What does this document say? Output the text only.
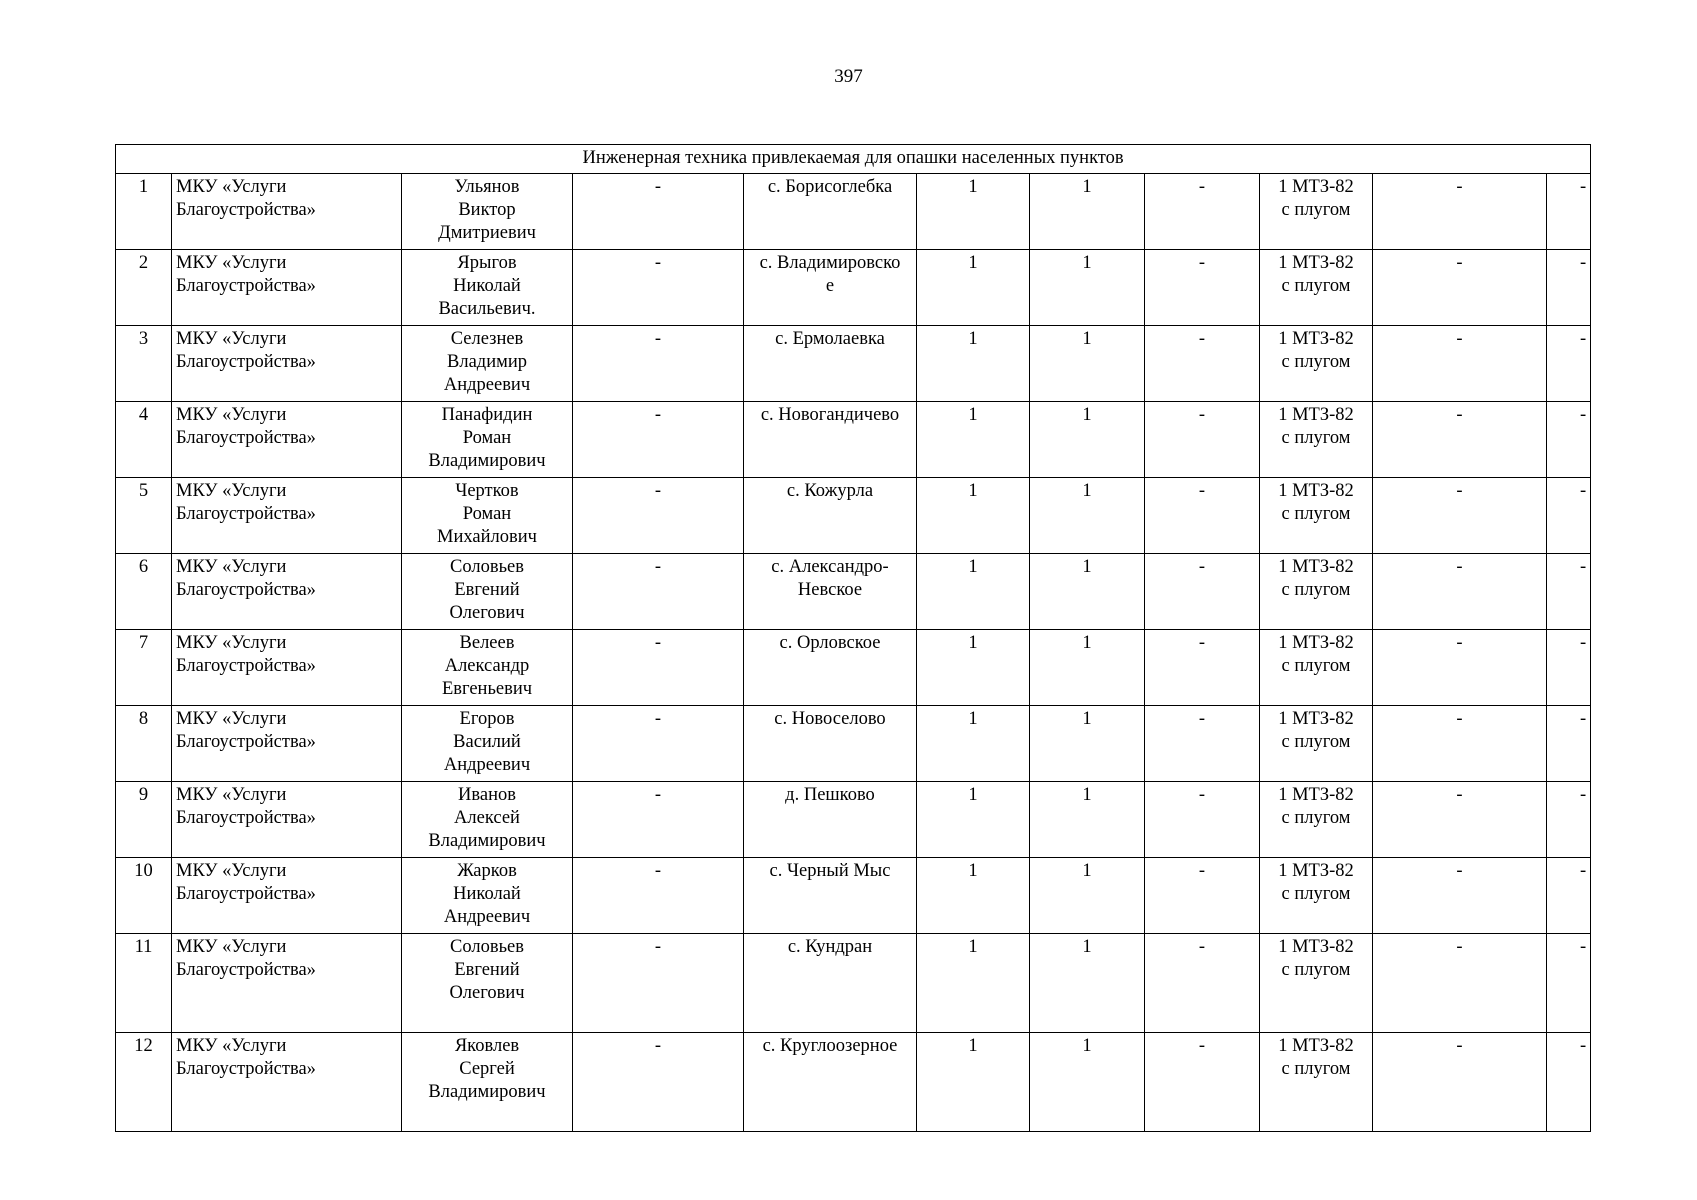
397
Инженерная техника привлекаемая для опашки населенных пунктов										

1	МКУ «Услуги
Благоустройства»	Ульянов
Виктор
Дмитриевич	-	с. Борисоглебка	1	1	-	1 МТЗ-82
с плугом	-	-

2	МКУ «Услуги
Благоустройства»	Ярыгов
Николай
Васильевич.	-	с. Владимировско
е	1	1	-	1 МТЗ-82
с плугом	-	-

3	МКУ «Услуги
Благоустройства»	Селезнев
Владимир
Андреевич	-	с. Ермолаевка	1	1	-	1 МТЗ-82
с плугом	-	-

4	МКУ «Услуги
Благоустройства»	Панафидин
Роман
Владимирович	-	с. Новогандичево	1	1	-	1 МТЗ-82
с плугом	-	-

5	МКУ «Услуги
Благоустройства»	Чертков
Роман
Михайлович	-	с. Кожурла	1	1	-	1 МТЗ-82
с плугом	-	-

6	МКУ «Услуги
Благоустройства»	Соловьев
Евгений
Олегович	-	с. Александро-
Невское	1	1	-	1 МТЗ-82
с плугом	-	-

7	МКУ «Услуги
Благоустройства»	Велеев
Александр
Евгеньевич	-	с. Орловское	1	1	-	1 МТЗ-82
с плугом	-	-

8	МКУ «Услуги
Благоустройства»	Егоров
Василий
Андреевич	-	с. Новоселово	1	1	-	1 МТЗ-82
с плугом	-	-

9	МКУ «Услуги
Благоустройства»	Иванов
Алексей
Владимирович	-	д. Пешково	1	1	-	1 МТЗ-82
с плугом	-	-

10	МКУ «Услуги
Благоустройства»	Жарков
Николай
Андреевич	-	с. Черный Мыс	1	1	-	1 МТЗ-82
с плугом	-	-

11	МКУ «Услуги
Благоустройства»	Соловьев
Евгений
Олегович	-	с. Кундран	1	1	-	1 МТЗ-82
с плугом	-	-

12	МКУ «Услуги
Благоустройства»	Яковлев
Сергей
Владимирович	-	с. Круглоозерное	1	1	-	1 МТЗ-82
с плугом	-	-
